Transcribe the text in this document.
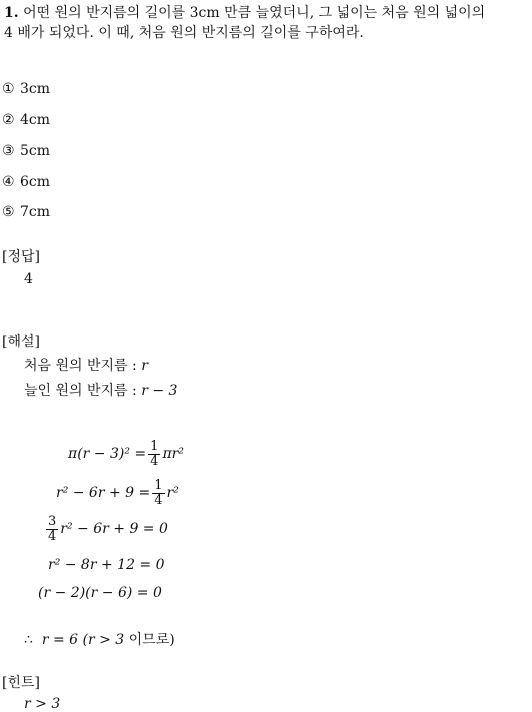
1. 어떤 원의 반지름의 길이를 3cm 만큼 늘였더니, 그 넓이는 처음 원의 넓이의
4 배가 되었다. 이 때, 처음 원의 반지름의 길이를 구하여라.
① 3cm
② 4cm
③ 5cm
④ 6cm
⑤ 7cm
[정답]
4
[해설]
처음 원의 반지름 : r
늘인 원의 반지름 : r − 3
$\pi(r - 3)^2 = \frac{1}{4} \pi r^2$
$r^2 - 6r + 9 = \frac{1}{4} r^2$
$\frac{3}{4} r^2 - 6r + 9 = 0$
r² − 8r + 12 = 0
(r − 2)(r − 6) = 0
∴ r = 6 (r > 3 이므로)
[힌트]
r > 3
